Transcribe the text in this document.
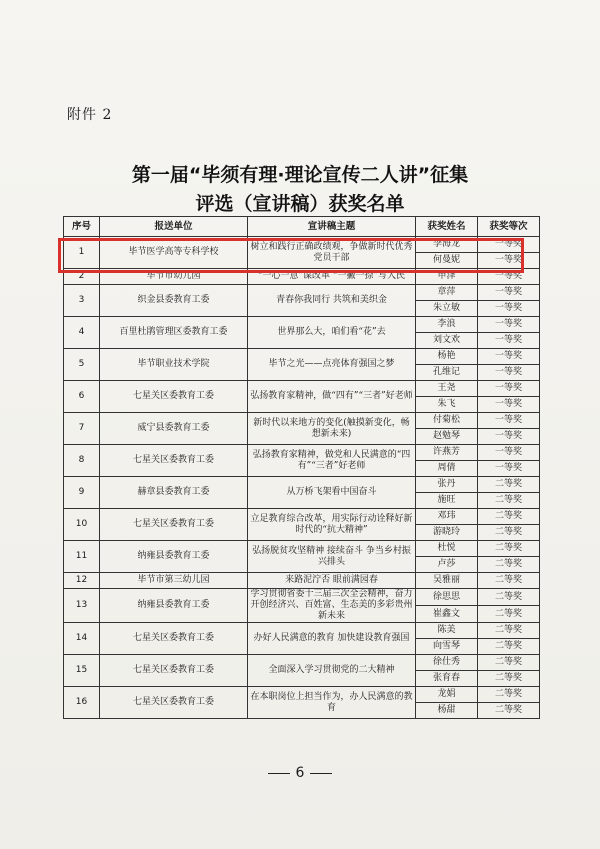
附件 2
第一届“毕须有理·理论宣传二人讲”征集
评选（宣讲稿）获奖名单
序号	报送单位	宣讲稿主题	获奖姓名	获奖等次
1	毕节医学高等专科学校	树立和践行正确政绩观，争做新时代优秀党员干部	李海龙	一等奖
			何曼妮	一等奖
2	毕节市幼儿园	“一心一意”谋改革 “一撇一捺”写人民	申泽	一等奖
3	织金县委教育工委	青春你我同行 共筑和美织金	章萍	一等奖
			朱立敏	一等奖
4	百里杜鹃管理区委教育工委	世界那么大，咱们看“花”去	李浪	一等奖
			刘文欢	一等奖
5	毕节职业技术学院	毕节之光——点亮体育强国之梦	杨艳	一等奖
			孔维记	一等奖
6	七星关区委教育工委	弘扬教育家精神，做“四有”“三者”好老师	王尧	一等奖
			朱飞	一等奖
7	威宁县委教育工委	新时代以来地方的变化(触摸新变化，畅想新未来)	付菊松	一等奖
			赵勉琴	一等奖
8	七星关区委教育工委	弘扬教育家精神，做党和人民满意的“四有”“三者”好老师	许燕芳	一等奖
			周倩	一等奖
9	赫章县委教育工委	从万桥飞架看中国奋斗	张丹	二等奖
			施旺	二等奖
10	七星关区委教育工委	立足教育综合改革，用实际行动诠释好新时代的“抗大精神”	邓玮	二等奖
			游晓玲	二等奖
11	纳雍县委教育工委	弘扬脱贫攻坚精神 接续奋斗 争当乡村振兴排头	杜悦	二等奖
			卢莎	二等奖
12	毕节市第三幼儿园	来路泥泞否 眼前满园春	吴雅丽	二等奖
13	纳雍县委教育工委	学习贯彻省委十三届三次全会精神，奋力开创经济兴、百姓富、生态美的多彩贵州新未来	徐思思	二等奖
			崔鑫文	二等奖
14	七星关区委教育工委	办好人民满意的教育 加快建设教育强国	陈美	二等奖
			向雪琴	二等奖
15	七星关区委教育工委	全面深入学习贯彻党的二大精神	徐仕秀	二等奖
			张育春	二等奖
16	七星关区委教育工委	在本职岗位上担当作为，办人民满意的教育	龙娟	二等奖
			杨甜	二等奖
6
